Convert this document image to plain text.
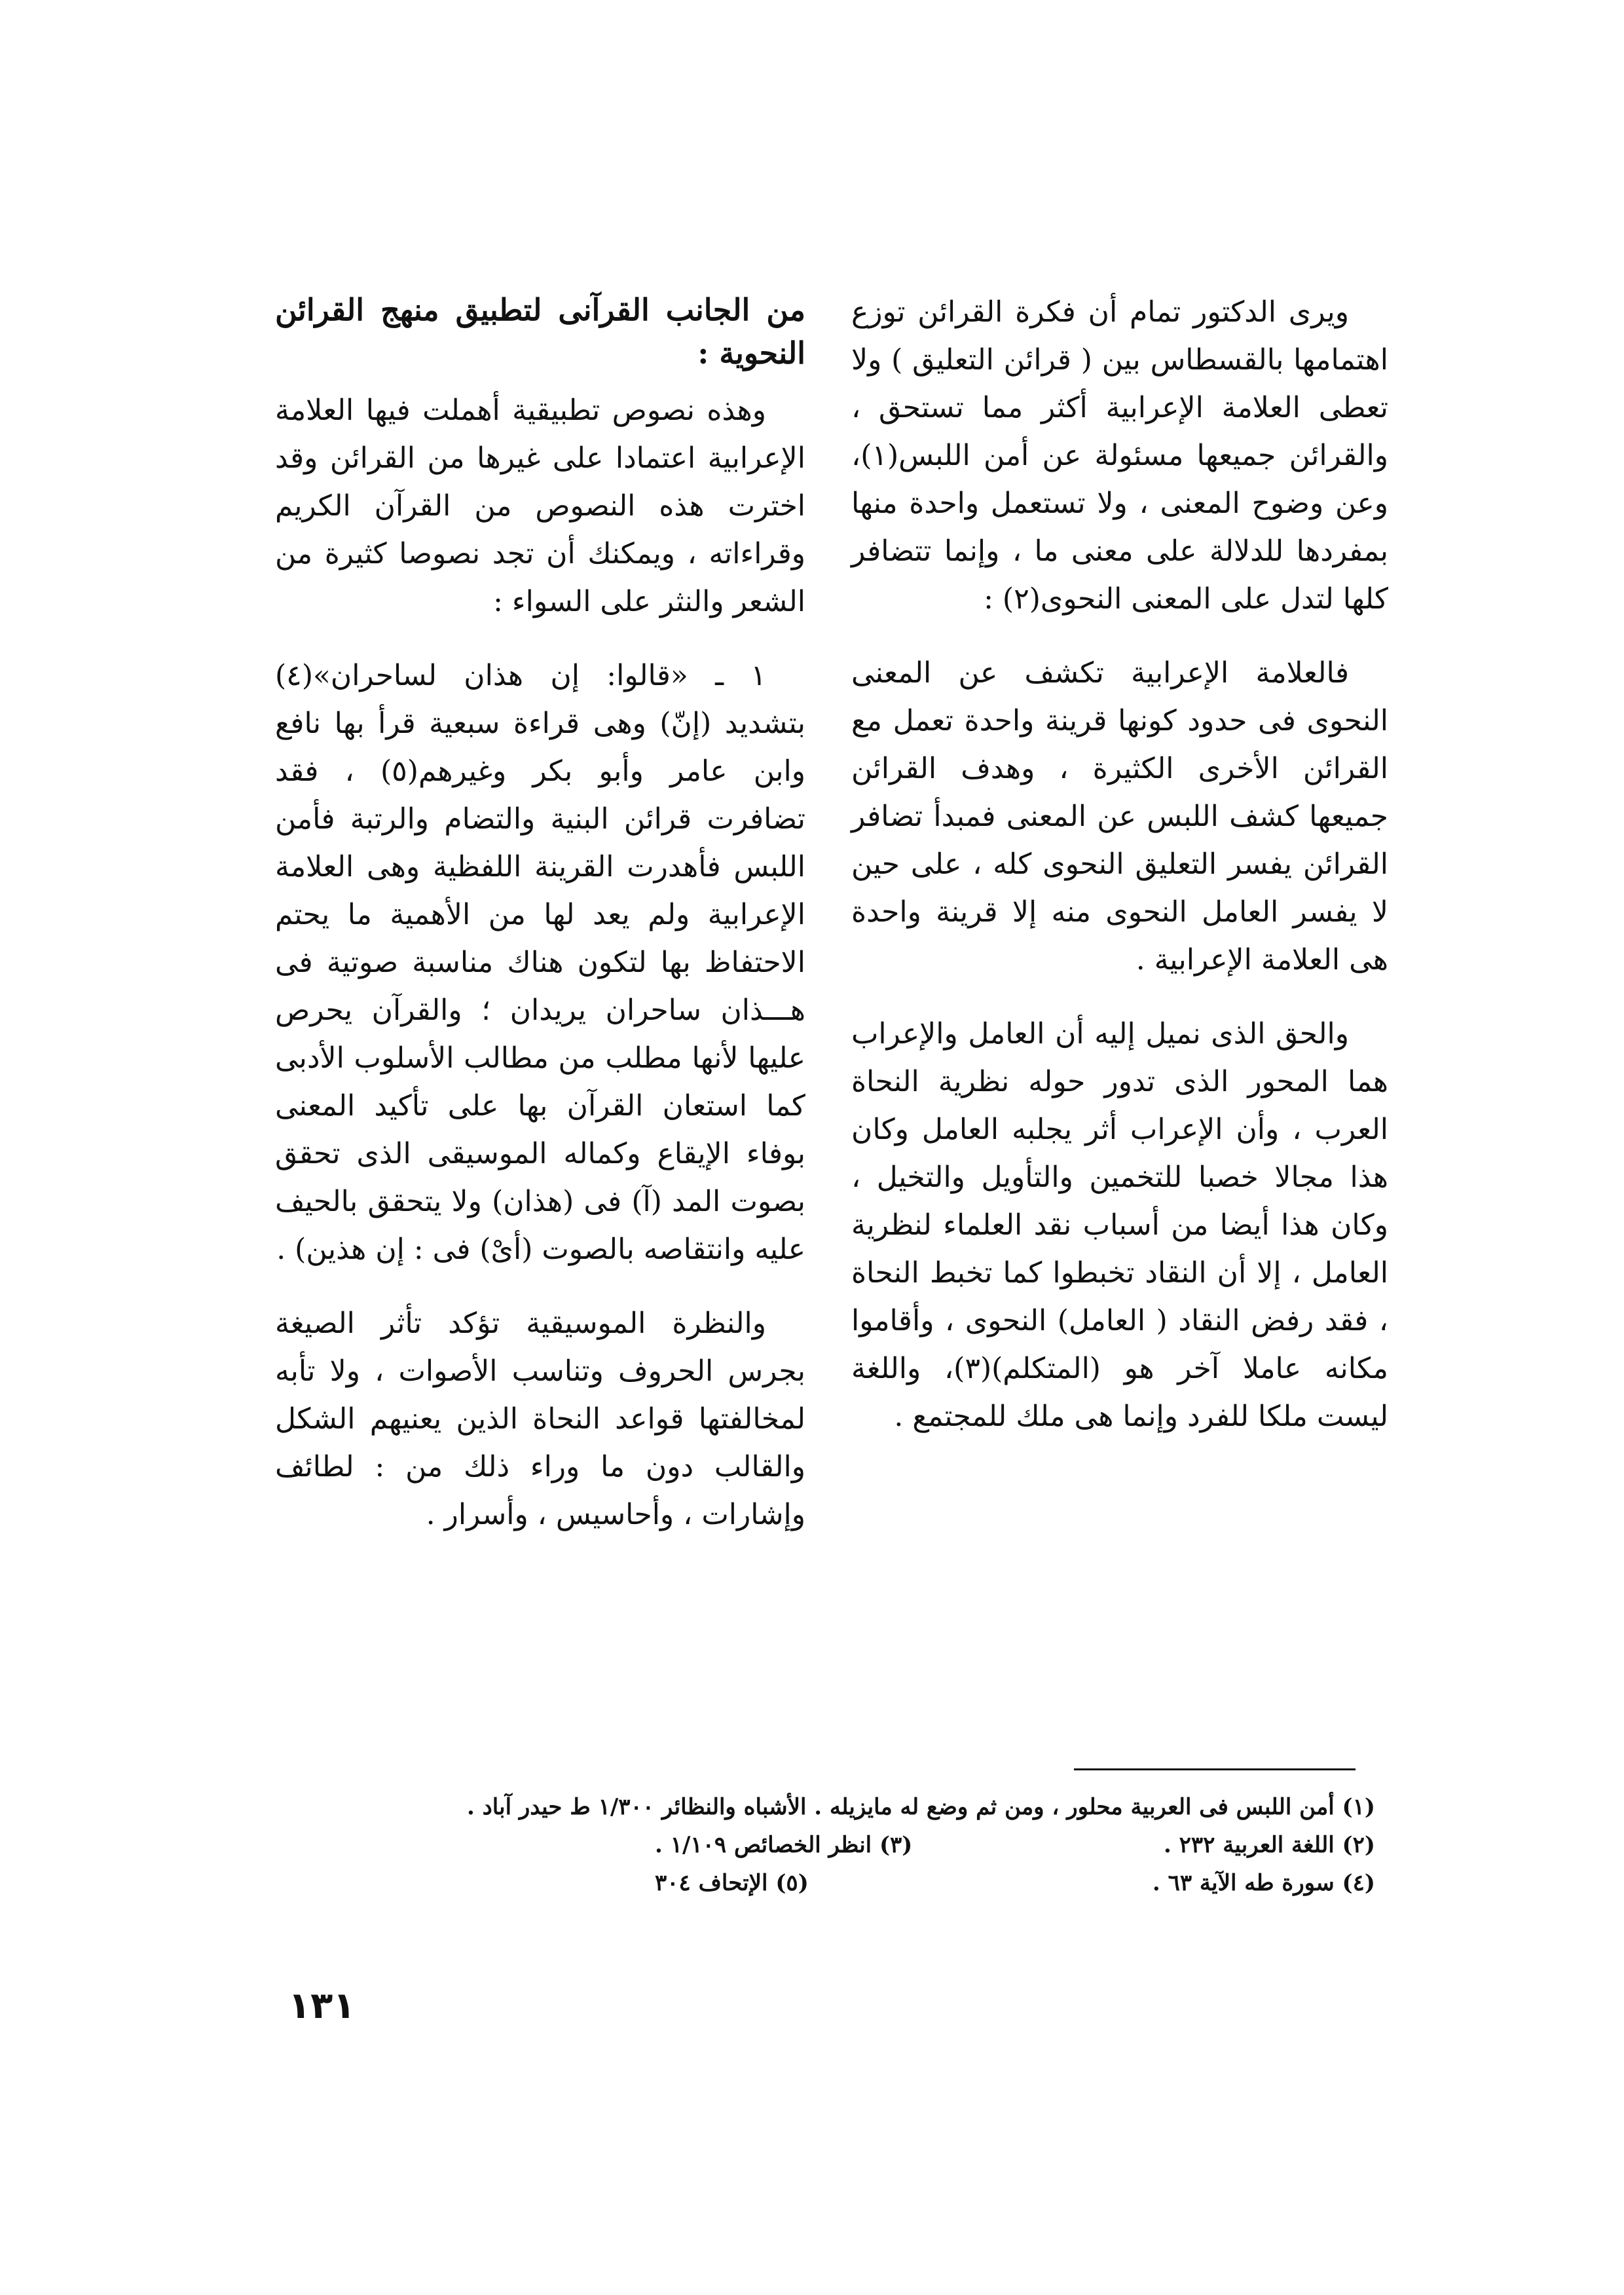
ويرى الدكتور تمام أن فكرة القرائن توزع اهتمامها بالقسطاس بين ( قرائن التعليق ) ولا تعطى العلامة الإعرابية أكثر مما تستحق ، والقرائن جميعها مسئولة عن أمن اللبس(١)، وعن وضوح المعنى ، ولا تستعمل واحدة منها بمفردها للدلالة على معنى ما ، وإنما تتضافر كلها لتدل على المعنى النحوى(٢) :

فالعلامة الإعرابية تكشف عن المعنى النحوى فى حدود كونها قرينة واحدة تعمل مع القرائن الأخرى الكثيرة ، وهدف القرائن جميعها كشف اللبس عن المعنى فمبدأ تضافر القرائن يفسر التعليق النحوى كله ، على حين لا يفسر العامل النحوى منه إلا قرينة واحدة هى العلامة الإعرابية .

والحق الذى نميل إليه أن العامل والإعراب هما المحور الذى تدور حوله نظرية النحاة العرب ، وأن الإعراب أثر يجلبه العامل وكان هذا مجالا خصبا للتخمين والتأويل والتخيل ، وكان هذا أيضا من أسباب نقد العلماء لنظرية العامل ، إلا أن النقاد تخبطوا كما تخبط النحاة ، فقد رفض النقاد ( العامل) النحوى ، وأقاموا مكانه عاملا آخر هو (المتكلم)(٣)، واللغة ليست ملكا للفرد وإنما هى ملك للمجتمع .

من الجانب القرآنى لتطبيق منهج القرائن النحوية :

وهذه نصوص تطبيقية أهملت فيها العلامة الإعرابية اعتمادا على غيرها من القرائن وقد اخترت هذه النصوص من القرآن الكريم وقراءاته ، ويمكنك أن تجد نصوصا كثيرة من الشعر والنثر على السواء :

١ ـ «قالوا: إن هذان لساحران»(٤) بتشديد (إنّ) وهى قراءة سبعية قرأ بها نافع وابن عامر وأبو بكر وغيرهم(٥) ، فقد تضافرت قرائن البنية والتضام والرتبة فأمن اللبس فأهدرت القرينة اللفظية وهى العلامة الإعرابية ولم يعد لها من الأهمية ما يحتم الاحتفاظ بها لتكون هناك مناسبة صوتية فى هـــذان ساحران يريدان ؛ والقرآن يحرص عليها لأنها مطلب من مطالب الأسلوب الأدبى كما استعان القرآن بها على تأكيد المعنى بوفاء الإيقاع وكماله الموسيقى الذى تحقق بصوت المد (آ) فى (هذان) ولا يتحقق بالحيف عليه وانتقاصه بالصوت (أىْ) فى : إن هذين) .

والنظرة الموسيقية تؤكد تأثر الصيغة بجرس الحروف وتناسب الأصوات ، ولا تأبه لمخالفتها قواعد النحاة الذين يعنيهم الشكل والقالب دون ما وراء ذلك من : لطائف وإشارات ، وأحاسيس ، وأسرار .

(١) أمن اللبس فى العربية محلور ، ومن ثم وضع له مايزيله . الأشباه والنظائر ١/٣٠٠ ط حيدر آباد .
(٢) اللغة العربية ٢٣٢ .
(٣) انظر الخصائص ١/١٠٩ .
(٤) سورة طه الآية ٦٣ .
(٥) الإتحاف ٣٠٤
١٣١
